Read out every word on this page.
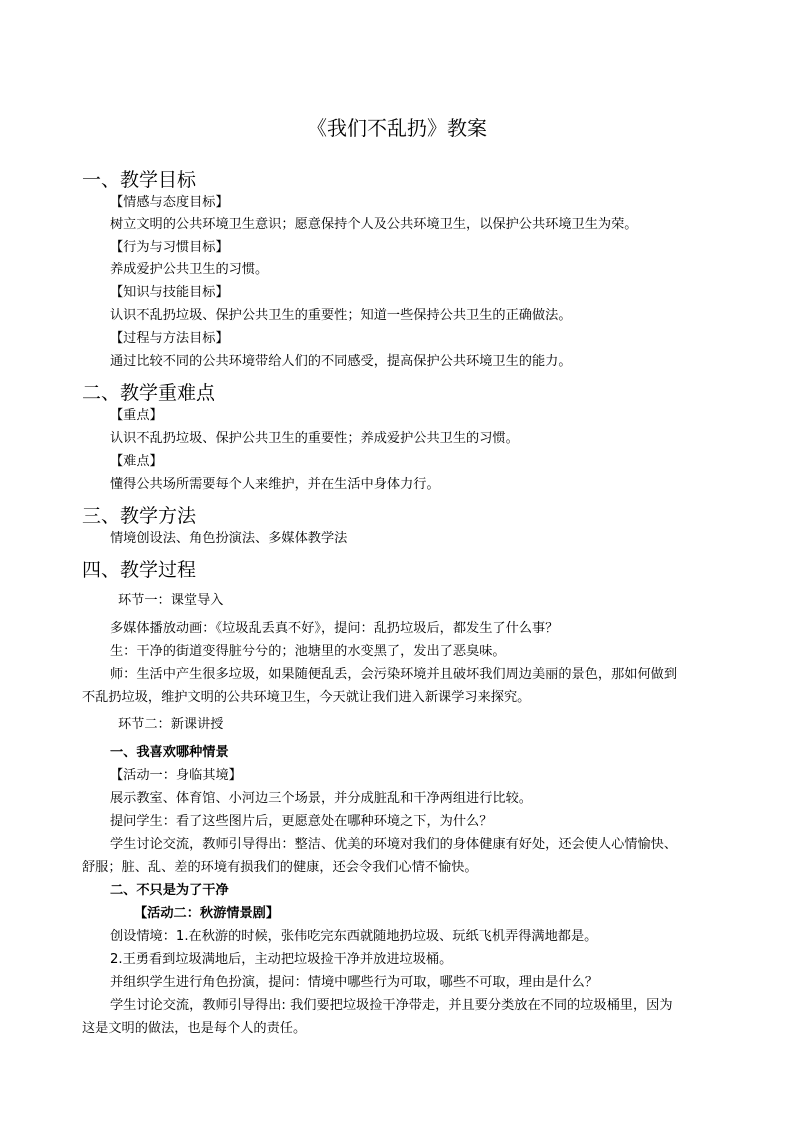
《我们不乱扔》教案
一、教学目标
【情感与态度目标】
树立文明的公共环境卫生意识；愿意保持个人及公共环境卫生，以保护公共环境卫生为荣。
【行为与习惯目标】
养成爱护公共卫生的习惯。
【知识与技能目标】
认识不乱扔垃圾、保护公共卫生的重要性；知道一些保持公共卫生的正确做法。
【过程与方法目标】
通过比较不同的公共环境带给人们的不同感受，提高保护公共环境卫生的能力。
二、教学重难点
【重点】
认识不乱扔垃圾、保护公共卫生的重要性；养成爱护公共卫生的习惯。
【难点】
懂得公共场所需要每个人来维护，并在生活中身体力行。
三、教学方法
情境创设法、角色扮演法、多媒体教学法
四、教学过程
环节一：课堂导入
多媒体播放动画：《垃圾乱丢真不好》，提问：乱扔垃圾后，都发生了什么事？
生：干净的街道变得脏兮兮的；池塘里的水变黑了，发出了恶臭味。
师：生活中产生很多垃圾，如果随便乱丢，会污染环境并且破坏我们周边美丽的景色，那如何做到
不乱扔垃圾，维护文明的公共环境卫生，今天就让我们进入新课学习来探究。
环节二：新课讲授
一、我喜欢哪种情景
【活动一：身临其境】
展示教室、体育馆、小河边三个场景，并分成脏乱和干净两组进行比较。
提问学生：看了这些图片后，更愿意处在哪种环境之下，为什么？
学生讨论交流，教师引导得出：整洁、优美的环境对我们的身体健康有好处，还会使人心情愉快、
舒服；脏、乱、差的环境有损我们的健康，还会令我们心情不愉快。
二、不只是为了干净
【活动二：秋游情景剧】
创设情境：1.在秋游的时候，张伟吃完东西就随地扔垃圾、玩纸飞机弄得满地都是。
2.王勇看到垃圾满地后，主动把垃圾捡干净并放进垃圾桶。
并组织学生进行角色扮演，提问：情境中哪些行为可取，哪些不可取，理由是什么？
学生讨论交流，教师引导得出: 我们要把垃圾捡干净带走，并且要分类放在不同的垃圾桶里，因为
这是文明的做法，也是每个人的责任。
